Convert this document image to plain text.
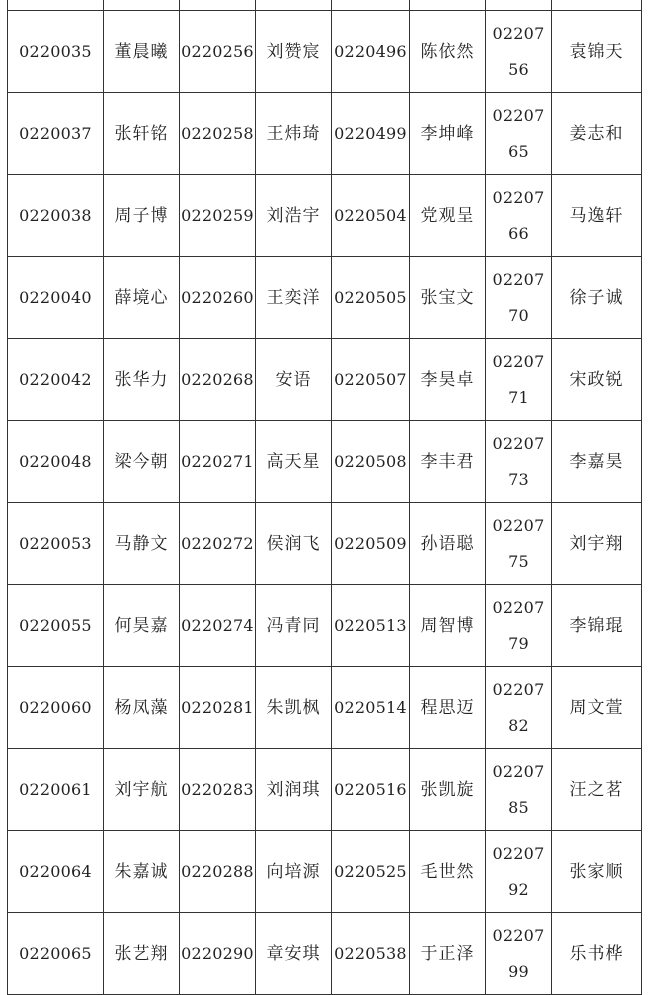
0220035	董晨曦	0220256	刘赞宸	0220496	陈依然	0220756	袁锦天
0220037	张轩铭	0220258	王炜琦	0220499	李坤峰	0220765	姜志和
0220038	周子博	0220259	刘浩宇	0220504	党观呈	0220766	马逸轩
0220040	薛境心	0220260	王奕洋	0220505	张宝文	0220770	徐子诚
0220042	张华力	0220268	安语	0220507	李昊卓	0220771	宋政锐
0220048	梁今朝	0220271	高天星	0220508	李丰君	0220773	李嘉昊
0220053	马静文	0220272	侯润飞	0220509	孙语聪	0220775	刘宇翔
0220055	何昊嘉	0220274	冯青同	0220513	周智博	0220779	李锦琨
0220060	杨凤藻	0220281	朱凯枫	0220514	程思迈	0220782	周文萱
0220061	刘宇航	0220283	刘润琪	0220516	张凯旋	0220785	汪之茗
0220064	朱嘉诚	0220288	向培源	0220525	毛世然	0220792	张家顺
0220065	张艺翔	0220290	章安琪	0220538	于正泽	0220799	乐书桦
